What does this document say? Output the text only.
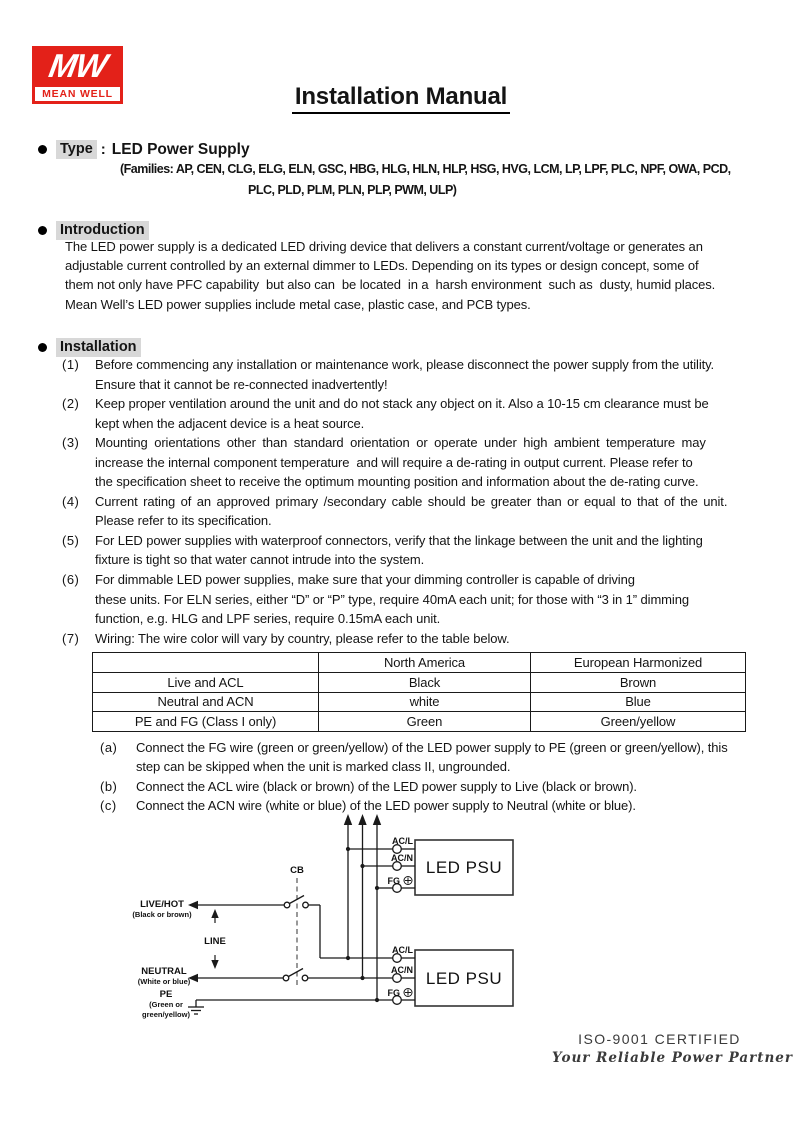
MW
MEAN WELL	Installation Manual
Type : LED Power Supply
(Families: AP, CEN, CLG, ELG, ELN, GSC, HBG, HLG, HLN, HLP, HSG, HVG, LCM, LP, LPF, PLC, NPF, OWA, PCD,
PLC, PLD, PLM, PLN, PLP, PWM, ULP)
Introduction
The LED power supply is a dedicated LED driving device that delivers a constant current/voltage or generates an
adjustable current controlled by an external dimmer to LEDs. Depending on its types or design concept, some of
them not only have PFC capability  but also can  be located  in a  harsh environment  such as  dusty, humid places.
Mean Well’s LED power supplies include metal case, plastic case, and PCB types.
Installation
(1)	Before commencing any installation or maintenance work, please disconnect the power supply from the utility.
Ensure that it cannot be re-connected inadvertently!
(2)	Keep proper ventilation around the unit and do not stack any object on it. Also a 10-15 cm clearance must be
kept when the adjacent device is a heat source.
(3)	Mounting orientations other than standard orientation or operate under high ambient temperature may
increase the internal component temperature  and will require a de-rating in output current. Please refer to
the specification sheet to receive the optimum mounting position and information about the de-rating curve.
(4)	Current rating of an approved primary /secondary cable should be greater than or equal to that of the unit.
Please refer to its specification.
(5)	For LED power supplies with waterproof connectors, verify that the linkage between the unit and the lighting
fixture is tight so that water cannot intrude into the system.
(6)	For dimmable LED power supplies, make sure that your dimming controller is capable of driving
these units. For ELN series, either “D” or “P” type, require 40mA each unit; for those with “3 in 1” dimming
function, e.g. HLG and LPF series, require 0.15mA each unit.
(7)	Wiring: The wire color will vary by country, please refer to the table below.
	North America	European Harmonized
Live and ACL	Black	Brown
Neutral and ACN	white	Blue
PE and FG (Class I only)	Green	Green/yellow
(a)	Connect the FG wire (green or green/yellow) of the LED power supply to PE (green or green/yellow), this
step can be skipped when the unit is marked class II, ungrounded.
(b)	Connect the ACL wire (black or brown) of the LED power supply to Live (black or brown).
(c)	Connect the ACN wire (white or blue) of the LED power supply to Neutral (white or blue).
LED PSU
AC/L
AC/N
FG
LED PSU
AC/L
AC/N
FG
CB
LINE
LIVE/HOT
(Black or brown)
NEUTRAL
(White or blue)
PE
(Green or
green/yellow)
ISO-9001 CERTIFIED
Your Reliable Power Partner
